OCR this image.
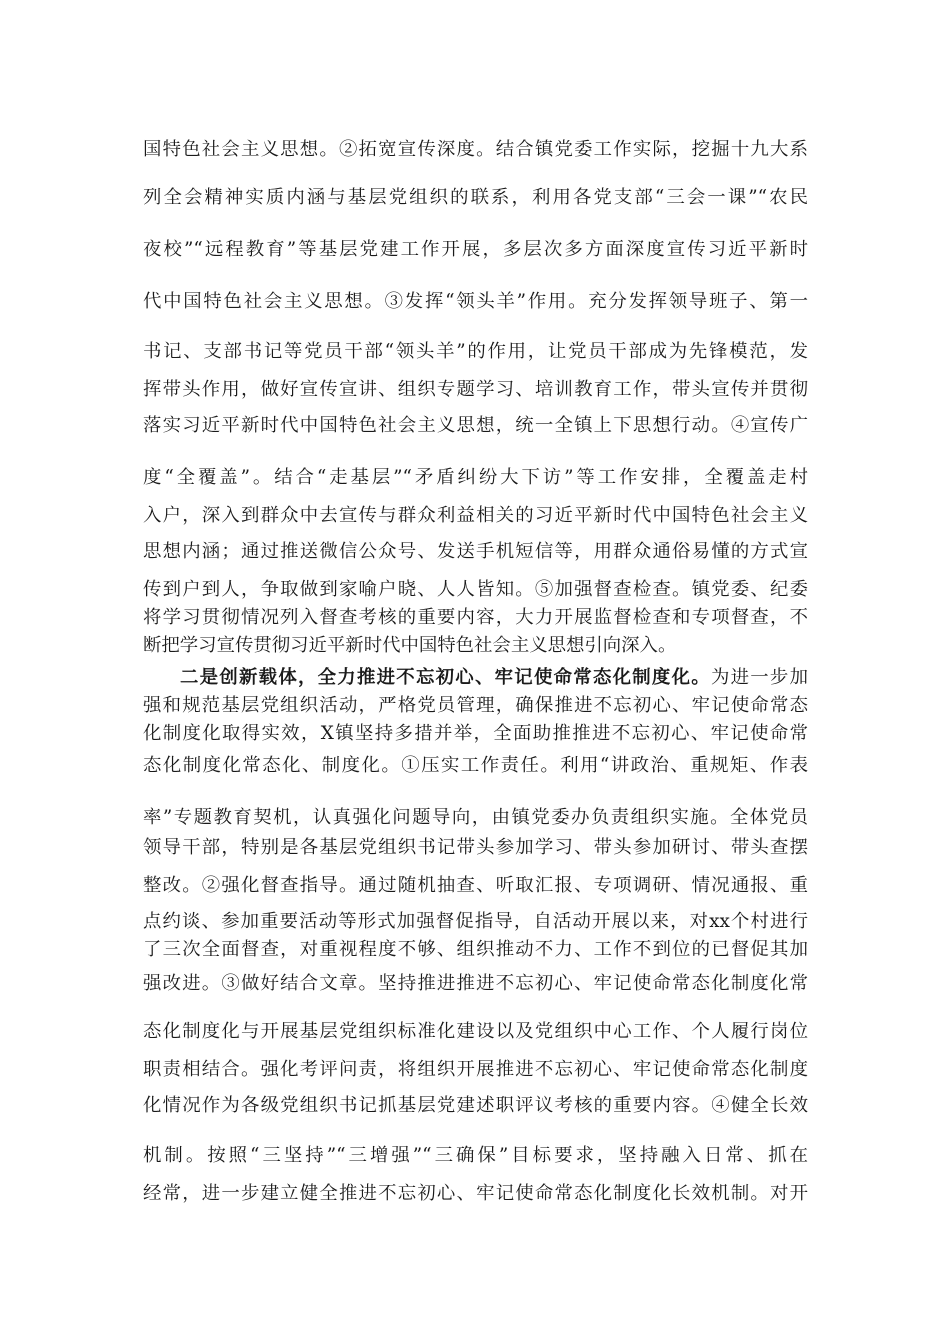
国特色社会主义思想。②拓宽宣传深度。结合镇党委工作实际，挖掘十九大系
列全会精神实质内涵与基层党组织的联系，利用各党支部“三会一课”“农民
夜校”“远程教育”等基层党建工作开展，多层次多方面深度宣传习近平新时
代中国特色社会主义思想。③发挥“领头羊”作用。充分发挥领导班子、第一
书记、支部书记等党员干部“领头羊”的作用，让党员干部成为先锋模范，发
挥带头作用，做好宣传宣讲、组织专题学习、培训教育工作，带头宣传并贯彻
落实习近平新时代中国特色社会主义思想，统一全镇上下思想行动。④宣传广
度“全覆盖”。结合“走基层”“矛盾纠纷大下访”等工作安排，全覆盖走村
入户，深入到群众中去宣传与群众利益相关的习近平新时代中国特色社会主义
思想内涵；通过推送微信公众号、发送手机短信等，用群众通俗易懂的方式宣
传到户到人，争取做到家喻户晓、人人皆知。⑤加强督查检查。镇党委、纪委
将学习贯彻情况列入督查考核的重要内容，大力开展监督检查和专项督查，不
断把学习宣传贯彻习近平新时代中国特色社会主义思想引向深入。
二是创新载体，全力推进不忘初心、牢记使命常态化制度化。为进一步加
强和规范基层党组织活动，严格党员管理，确保推进不忘初心、牢记使命常态
化制度化取得实效，X镇坚持多措并举，全面助推推进不忘初心、牢记使命常
态化制度化常态化、制度化。①压实工作责任。利用“讲政治、重规矩、作表
率”专题教育契机，认真强化问题导向，由镇党委办负责组织实施。全体党员
领导干部，特别是各基层党组织书记带头参加学习、带头参加研讨、带头查摆
整改。②强化督查指导。通过随机抽查、听取汇报、专项调研、情况通报、重
点约谈、参加重要活动等形式加强督促指导，自活动开展以来，对xx个村进行
了三次全面督查，对重视程度不够、组织推动不力、工作不到位的已督促其加
强改进。③做好结合文章。坚持推进推进不忘初心、牢记使命常态化制度化常
态化制度化与开展基层党组织标准化建设以及党组织中心工作、个人履行岗位
职责相结合。强化考评问责，将组织开展推进不忘初心、牢记使命常态化制度
化情况作为各级党组织书记抓基层党建述职评议考核的重要内容。④健全长效
机制。按照“三坚持”“三增强”“三确保”目标要求，坚持融入日常、抓在
经常，进一步建立健全推进不忘初心、牢记使命常态化制度化长效机制。对开
